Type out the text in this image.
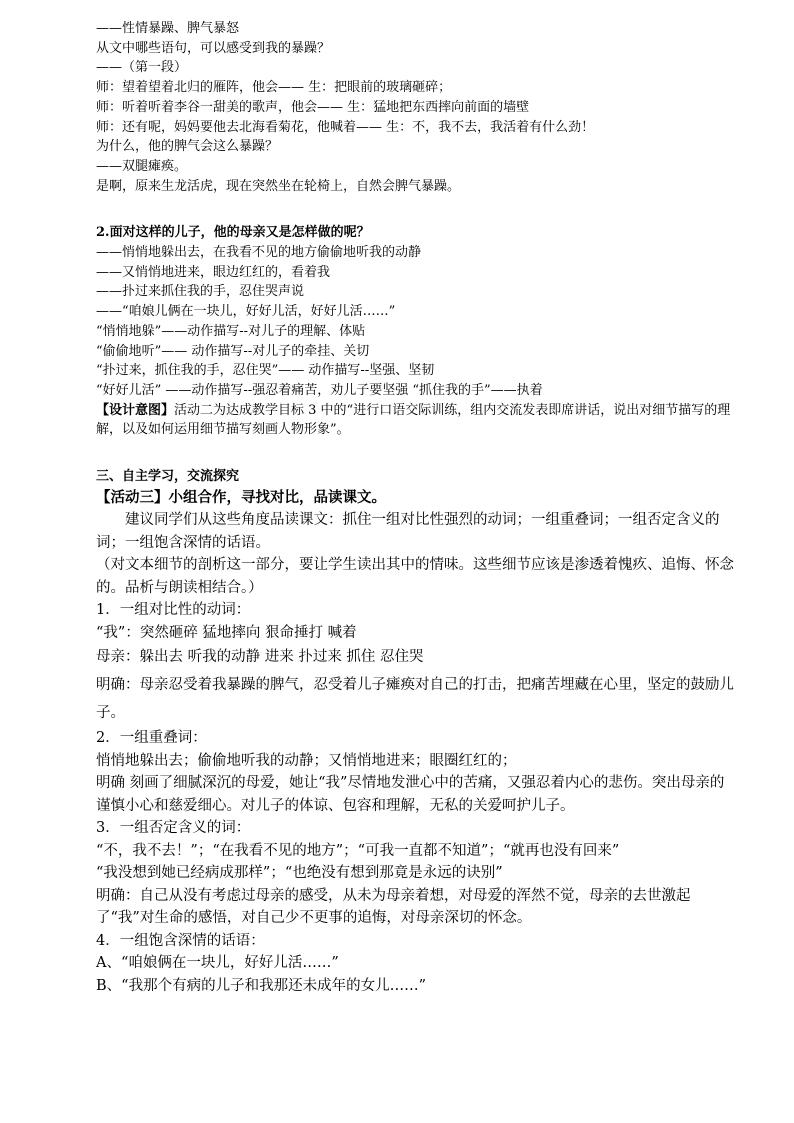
——性情暴躁、脾气暴怒

从文中哪些语句，可以感受到我的暴躁？

——（第一段）

师：望着望着北归的雁阵，他会—— 生：把眼前的玻璃砸碎；

师：听着听着李谷一甜美的歌声，他会—— 生：猛地把东西摔向前面的墙壁

师：还有呢，妈妈要他去北海看菊花，他喊着—— 生：不，我不去，我活着有什么劲！

为什么，他的脾气会这么暴躁？

——双腿瘫痪。

是啊，原来生龙活虎，现在突然坐在轮椅上，自然会脾气暴躁。

2.面对这样的儿子，他的母亲又是怎样做的呢？

——悄悄地躲出去，在我看不见的地方偷偷地听我的动静

——又悄悄地进来，眼边红红的，看着我

——扑过来抓住我的手，忍住哭声说

——“咱娘儿俩在一块儿，好好儿活，好好儿活……”

“悄悄地躲”——动作描写--对儿子的理解、体贴

“偷偷地听”—— 动作描写--对儿子的牵挂、关切

“扑过来，抓住我的手，忍住哭”—— 动作描写--坚强、坚韧

“好好儿活” ——动作描写--强忍着痛苦，劝儿子要坚强 “抓住我的手”——执着

【设计意图】活动二为达成教学目标 3 中的“进行口语交际训练，组内交流发表即席讲话，说出对细节描写的理解，以及如何运用细节描写刻画人物形象”。

三、自主学习，交流探究

【活动三】小组合作，寻找对比，品读课文。

建议同学们从这些角度品读课文：抓住一组对比性强烈的动词；一组重叠词；一组否定含义的词；一组饱含深情的话语。

（对文本细节的剖析这一部分，要让学生读出其中的情味。这些细节应该是渗透着愧疚、追悔、怀念的。品析与朗读相结合。）

1．一组对比性的动词：

“我”：突然砸碎 猛地摔向 狠命捶打 喊着

母亲：躲出去 听我的动静 进来 扑过来 抓住 忍住哭

明确：母亲忍受着我暴躁的脾气，忍受着儿子瘫痪对自己的打击，把痛苦埋藏在心里，坚定的鼓励儿子。

2．一组重叠词：

悄悄地躲出去；偷偷地听我的动静；又悄悄地进来；眼圈红红的；

明确 刻画了细腻深沉的母爱，她让“我”尽情地发泄心中的苦痛，又强忍着内心的悲伤。突出母亲的谨慎小心和慈爱细心。对儿子的体谅、包容和理解，无私的关爱呵护儿子。

3．一组否定含义的词：

“不，我不去！”；“在我看不见的地方”；“可我一直都不知道”；“就再也没有回来”

“我没想到她已经病成那样”；“也绝没有想到那竟是永远的诀别”

明确：自己从没有考虑过母亲的感受，从未为母亲着想，对母爱的浑然不觉，母亲的去世激起了“我”对生命的感悟，对自己少不更事的追悔，对母亲深切的怀念。

4．一组饱含深情的话语：

A、“咱娘俩在一块儿，好好儿活……”

B、“我那个有病的儿子和我那还未成年的女儿……”
